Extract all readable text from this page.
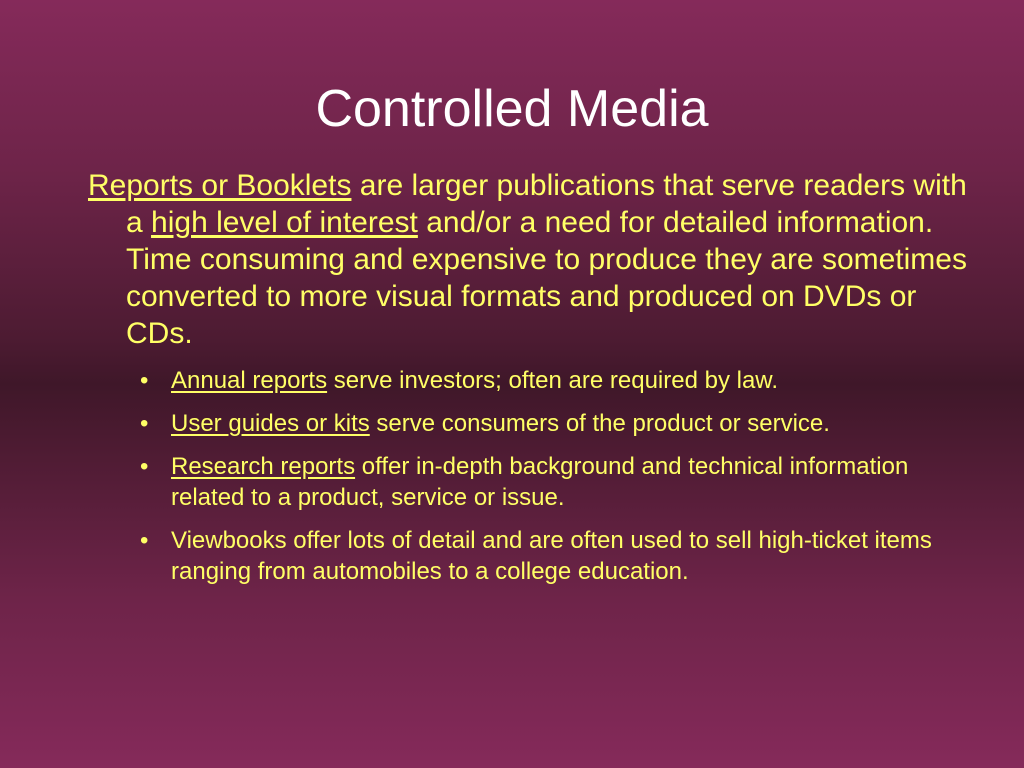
Controlled Media
Reports or Booklets are larger publications that serve readers with a high level of interest and/or a need for detailed information. Time consuming and expensive to produce they are sometimes converted to more visual formats and produced on DVDs or CDs.
• Annual reports serve investors; often are required by law.
• User guides or kits serve consumers of the product or service.
• Research reports offer in-depth background and technical information related to a product, service or issue.
• Viewbooks offer lots of detail and are often used to sell high-ticket items ranging from automobiles to a college education.
